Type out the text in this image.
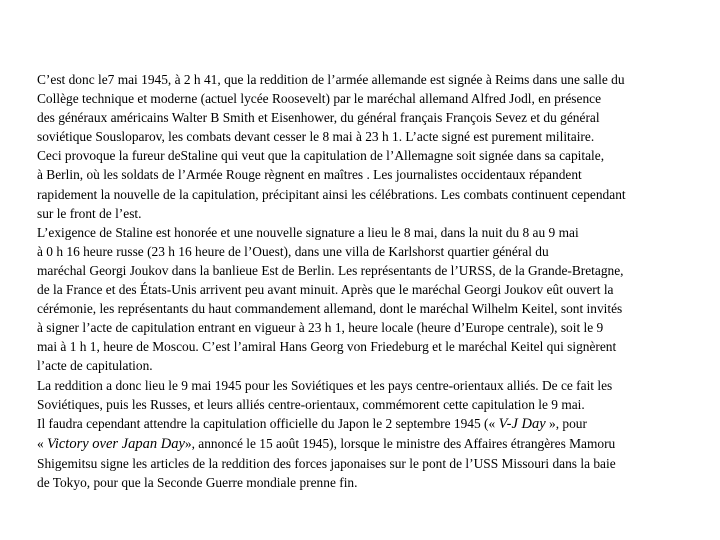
C’est donc le7 mai 1945, à 2 h 41, que la reddition de l’armée allemande est signée à Reims dans une salle du
Collège technique et moderne (actuel lycée Roosevelt) par le maréchal allemand Alfred Jodl, en présence
des généraux américains Walter B Smith et Eisenhower, du général français François Sevez et du général
soviétique Sousloparov, les combats devant cesser le 8 mai à 23 h 1. L’acte signé est purement militaire.

Ceci provoque la fureur deStaline qui veut que la capitulation de l’Allemagne soit signée dans sa capitale,
à Berlin, où les soldats de l’Armée Rouge règnent en maîtres . Les journalistes occidentaux répandent
rapidement la nouvelle de la capitulation, précipitant ainsi les célébrations. Les combats continuent cependant
sur le front de l’est.

L’exigence de Staline est honorée et une nouvelle signature a lieu le 8 mai, dans la nuit du 8 au 9 mai
à 0 h 16 heure russe (23 h 16 heure de l’Ouest), dans une villa de Karlshorst quartier général du
maréchal Georgi Joukov dans la banlieue Est de Berlin. Les représentants de l’URSS, de la Grande-Bretagne,
de la France et des États-Unis arrivent peu avant minuit. Après que le maréchal Georgi Joukov eût ouvert la
cérémonie, les représentants du haut commandement allemand, dont le maréchal Wilhelm Keitel, sont invités
à signer l’acte de capitulation entrant en vigueur à 23 h 1, heure locale (heure d’Europe centrale), soit le 9
mai à 1 h 1, heure de Moscou. C’est l’amiral Hans Georg von Friedeburg et le maréchal Keitel qui signèrent
l’acte de capitulation.

La reddition a donc lieu le 9 mai 1945 pour les Soviétiques et les pays centre-orientaux alliés. De ce fait les
Soviétiques, puis les Russes, et leurs alliés centre-orientaux, commémorent cette capitulation le 9 mai.

Il faudra cependant attendre la capitulation officielle du Japon le 2 septembre 1945 (« V-J Day », pour
« Victory over Japan Day», annoncé le 15 août 1945), lorsque le ministre des Affaires étrangères Mamoru
Shigemitsu signe les articles de la reddition des forces japonaises sur le pont de l’USS Missouri dans la baie
de Tokyo, pour que la Seconde Guerre mondiale prenne fin.
